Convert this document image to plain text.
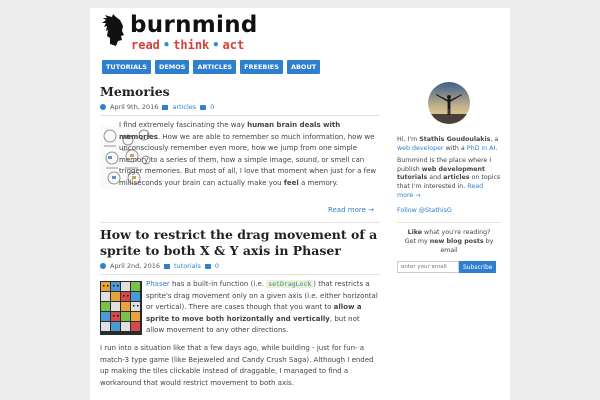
burnmind
read • think • act
TUTORIALS	DEMOS	ARTICLES	FREEBIES	ABOUT
Memories
April 9th, 2016 articles 0

I find extremely fascinating the way human brain deals with memories. How we are able to remember so much information, how we unconsciously remember even more, how we jump from one simple memory to a series of them, how a simple image, sound, or smell can trigger memories. But most of all, I love that moment when just for a few milliseconds your brain can actually make you feel a memory.

Read more →
How to restrict the drag movement of a sprite to both X & Y axis in Phaser
April 2nd, 2016 tutorials 0

Phaser has a built-in function (i.e. setDragLock ) that restricts a sprite's drag movement only on a given axis (i.e. either horizontal or vertical). There are cases though that you want to allow a sprite to move both horizontally and vertically, but not allow movement to any other directions.

I run into a situation like that a few days ago, while building - just for fun- a match-3 type game (like Bejeweled and Candy Crush Saga). Although I ended up making the tiles clickable instead of draggable, I managed to find a workaround that would restrict movement to both axis.

Hi, I'm Stathis Goudoulakis, a web developer with a PhD in AI.

Burnmind is the place where I publish web development tutorials and articles on topics that I'm interested in. Read more →

Follow @StathisG

Like what you're reading?

Get my new blog posts by email

enter your email
Subscribe
